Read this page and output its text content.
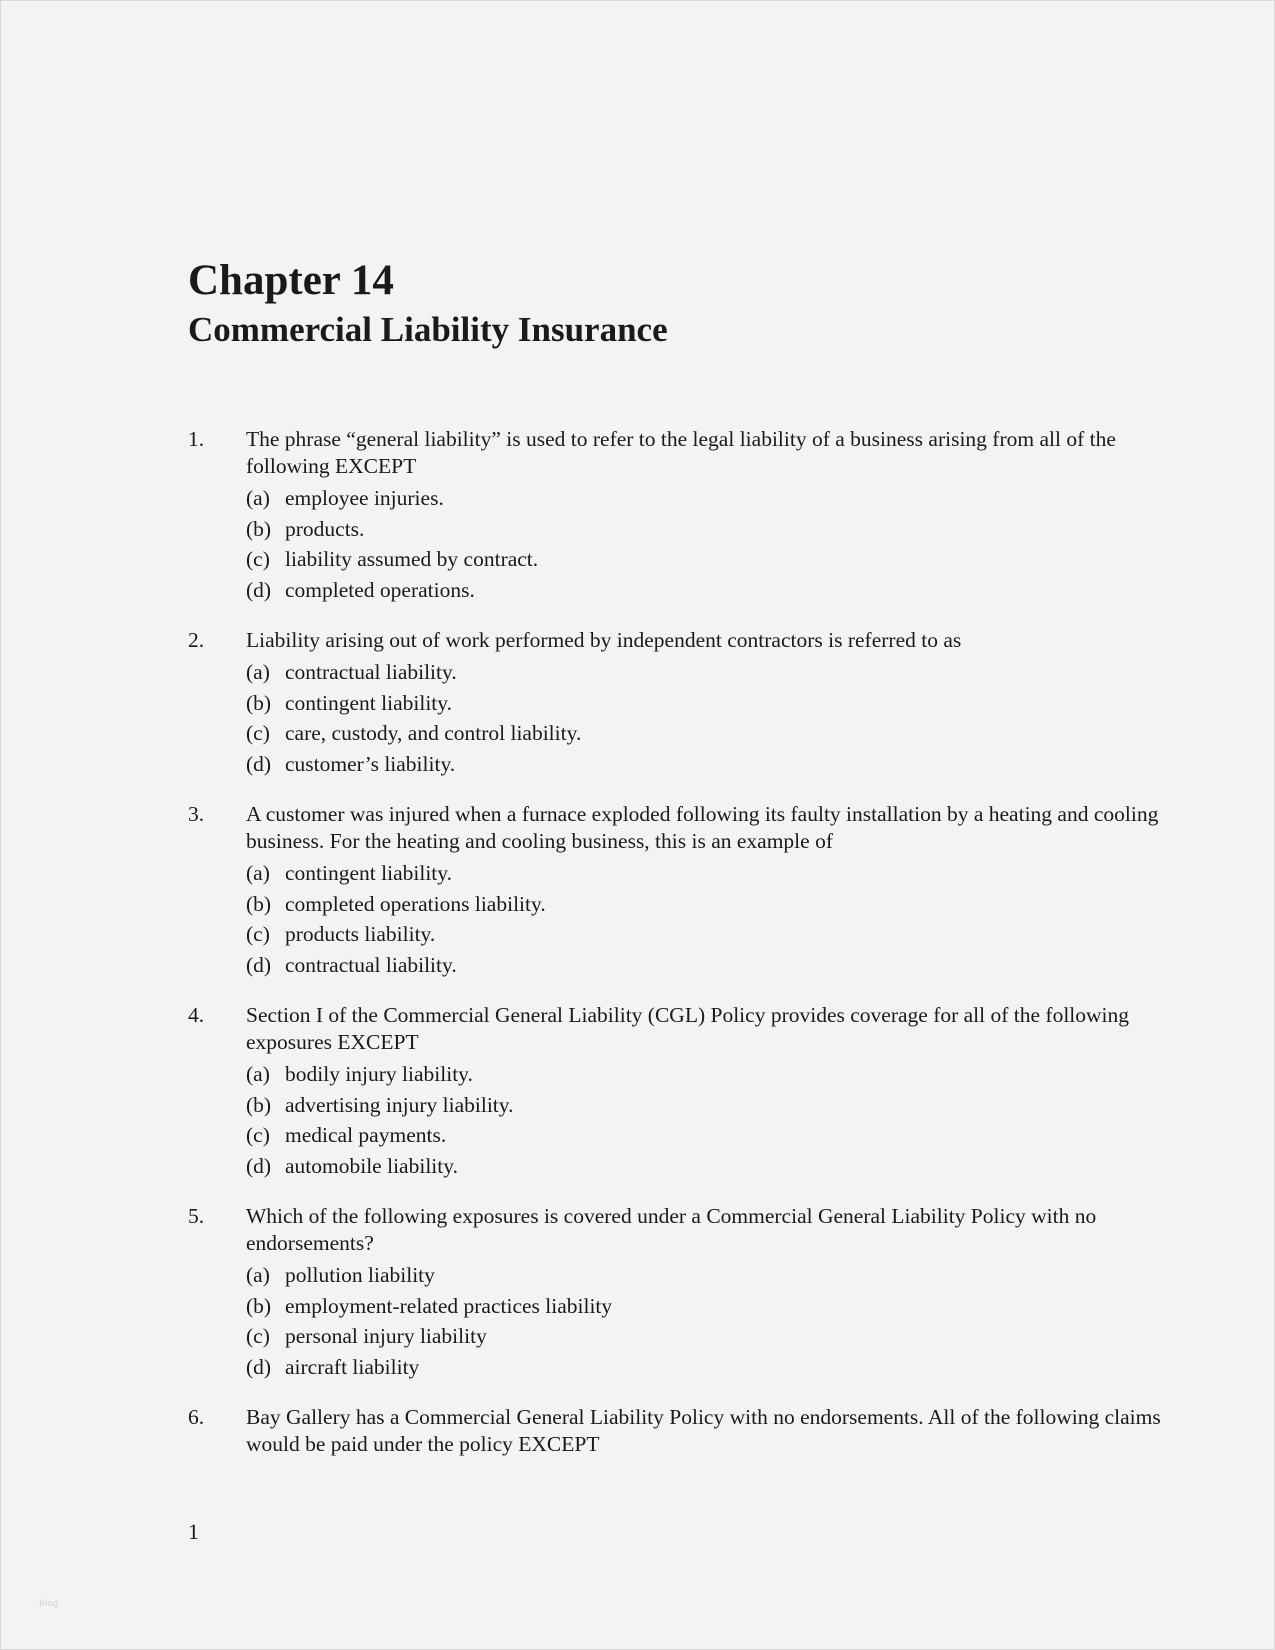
Chapter 14
Commercial Liability Insurance
1. The phrase “general liability” is used to refer to the legal liability of a business arising from all of the following EXCEPT
(a) employee injuries.
(b) products.
(c) liability assumed by contract.
(d) completed operations.
2. Liability arising out of work performed by independent contractors is referred to as
(a) contractual liability.
(b) contingent liability.
(c) care, custody, and control liability.
(d) customer’s liability.
3. A customer was injured when a furnace exploded following its faulty installation by a heating and cooling business. For the heating and cooling business, this is an example of
(a) contingent liability.
(b) completed operations liability.
(c) products liability.
(d) contractual liability.
4. Section I of the Commercial General Liability (CGL) Policy provides coverage for all of the following exposures EXCEPT
(a) bodily injury liability.
(b) advertising injury liability.
(c) medical payments.
(d) automobile liability.
5. Which of the following exposures is covered under a Commercial General Liability Policy with no endorsements?
(a) pollution liability
(b) employment-related practices liability
(c) personal injury liability
(d) aircraft liability
6. Bay Gallery has a Commercial General Liability Policy with no endorsements. All of the following claims would be paid under the policy EXCEPT
1
blog
